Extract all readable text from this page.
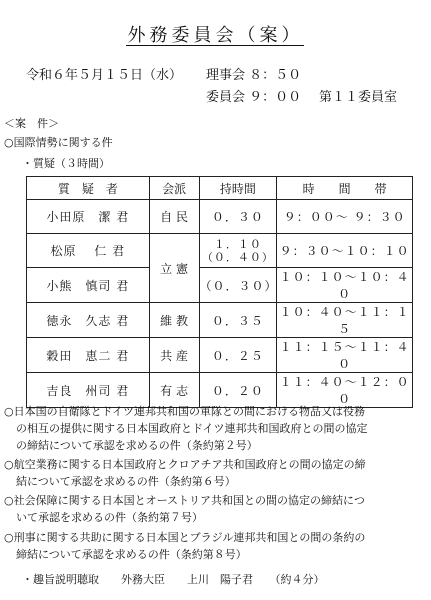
外務委員会（案）
令和６年５月１５日（水） 理事会 ８：５０
委員会 ９：００ 第１１委員室
＜案　件＞
○国際情勢に関する件
・質疑（３時間）
質　疑　者	会派	持時間	時　　間　　帯
小田原　潔 君	自 民	０．３０	９：００〜 ９：３０
松原　 仁 君	立 憲	１．１０
（０．４０）	９：３０〜１０：１０
小熊　慎司 君		（０．３０）	１０：１０〜１０：４０
徳永　久志 君	維 教	０．３５	１０：４０〜１１：１５
穀田　恵二 君	共 産	０．２５	１１：１５〜１１：４０
吉良　州司 君	有 志	０．２０	１１：４０〜１２：００
○日本国の自衛隊とドイツ連邦共和国の軍隊との間における物品又は役務
の相互の提供に関する日本国政府とドイツ連邦共和国政府との間の協定
の締結について承認を求めるの件（条約第２号）
○航空業務に関する日本国政府とクロアチア共和国政府との間の協定の締
結について承認を求めるの件（条約第６号）
○社会保障に関する日本国とオーストリア共和国との間の協定の締結につ
いて承認を求めるの件（条約第７号）
○刑事に関する共助に関する日本国とブラジル連邦共和国との間の条約の
締結について承認を求めるの件（条約第８号）
・趣旨説明聴取　　外務大臣　　上川　陽子君　　（約４分）
